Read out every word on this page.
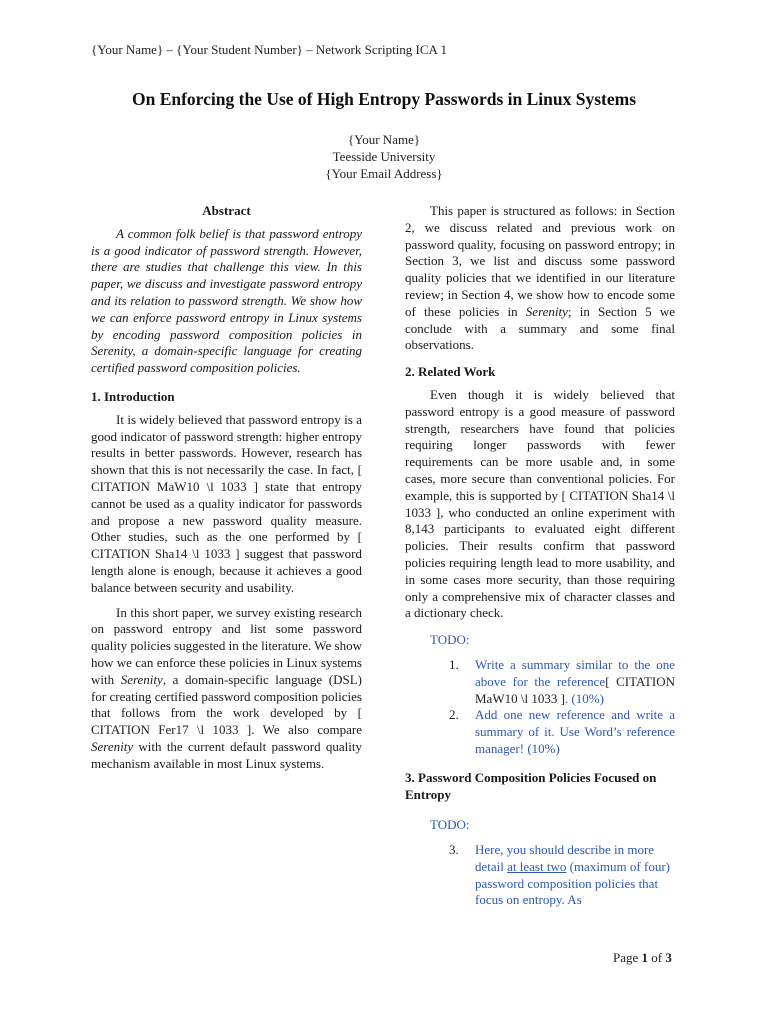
{Your Name} – {Your Student Number} – Network Scripting ICA 1
On Enforcing the Use of High Entropy Passwords in Linux Systems
{Your Name}
Teesside University
{Your Email Address}
Abstract

A common folk belief is that password entropy is a good indicator of password strength. However, there are studies that challenge this view. In this paper, we discuss and investigate password entropy and its relation to password strength. We show how we can enforce password entropy in Linux systems by encoding password composition policies in Serenity, a domain-specific language for creating certified password composition policies.

1. Introduction

It is widely believed that password entropy is a good indicator of password strength: higher entropy results in better passwords. However, research has shown that this is not necessarily the case. In fact, [ CITATION MaW10 \l 1033 ] state that entropy cannot be used as a quality indicator for passwords and propose a new password quality measure. Other studies, such as the one performed by [ CITATION Sha14 \l 1033 ] suggest that password length alone is enough, because it achieves a good balance between security and usability.

In this short paper, we survey existing research on password entropy and list some password quality policies suggested in the literature. We show how we can enforce these policies in Linux systems with Serenity, a domain-specific language (DSL) for creating certified password composition policies that follows from the work developed by [ CITATION Fer17 \l 1033 ]. We also compare Serenity with the current default password quality mechanism available in most Linux systems.

This paper is structured as follows: in Section 2, we discuss related and previous work on password quality, focusing on password entropy; in Section 3, we list and discuss some password quality policies that we identified in our literature review; in Section 4, we show how to encode some of these policies in Serenity; in Section 5 we conclude with a summary and some final observations.

2. Related Work

Even though it is widely believed that password entropy is a good measure of password strength, researchers have found that policies requiring longer passwords with fewer requirements can be more usable and, in some cases, more secure than conventional policies. For example, this is supported by [ CITATION Sha14 \l 1033 ], who conducted an online experiment with 8,143 participants to evaluated eight different policies. Their results confirm that password policies requiring length lead to more usability, and in some cases more security, than those requiring only a comprehensive mix of character classes and a dictionary check.

TODO:
1. Write a summary similar to the one above for the reference[ CITATION MaW10 \l 1033 ]. (10%)
2. Add one new reference and write a summary of it. Use Word’s reference manager! (10%)
3. Password Composition Policies Focused on Entropy
TODO:
3. Here, you should describe in more detail at least two (maximum of four) password composition policies that focus on entropy. As
Page 1 of 3
